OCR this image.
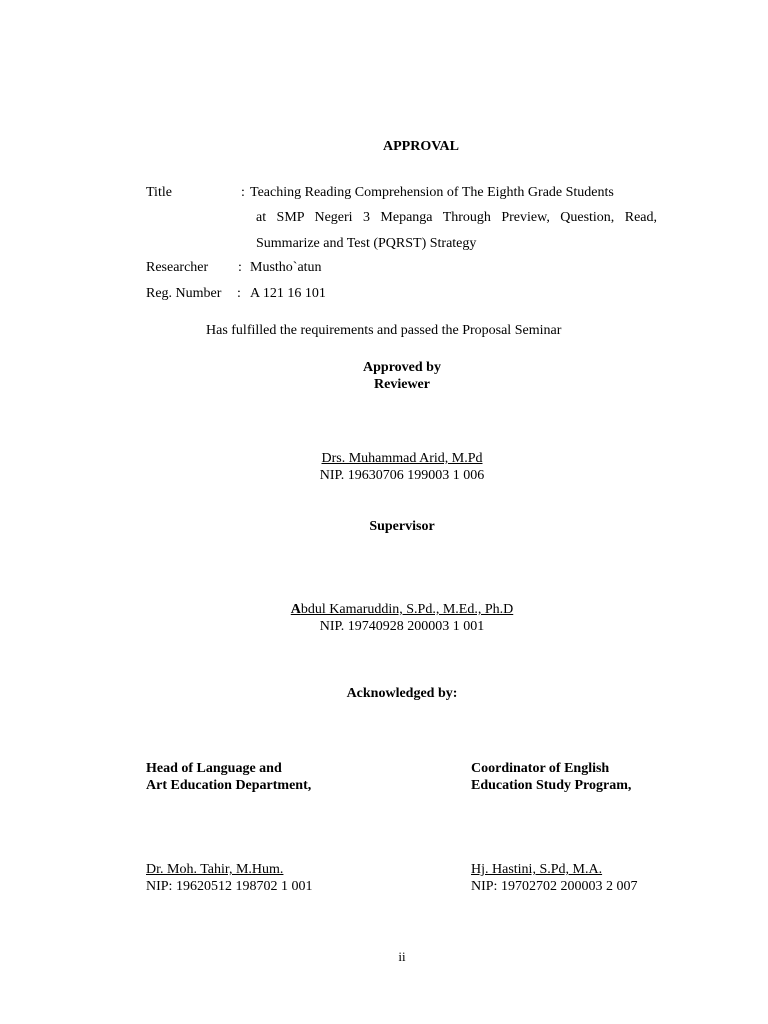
APPROVAL
Title	: Teaching Reading Comprehension of The Eighth Grade Students
at SMP Negeri 3 Mepanga Through Preview, Question, Read,
Summarize and Test (PQRST) Strategy
Researcher : Mustho`atun
Reg. Number : A 121 16 101
Has fulfilled the requirements and passed the Proposal Seminar
Approved by
Reviewer
Drs. Muhammad Arid, M.Pd
NIP. 19630706 199003 1 006
Supervisor
Abdul Kamaruddin, S.Pd., M.Ed., Ph.D
NIP. 19740928 200003 1 001
Acknowledged by:
Head of Language and
Art Education Department,
Dr. Moh. Tahir, M.Hum.
NIP: 19620512 198702 1 001
Coordinator of English
Education Study Program,
Hj. Hastini, S.Pd, M.A.
NIP: 19702702 200003 2 007
ii
